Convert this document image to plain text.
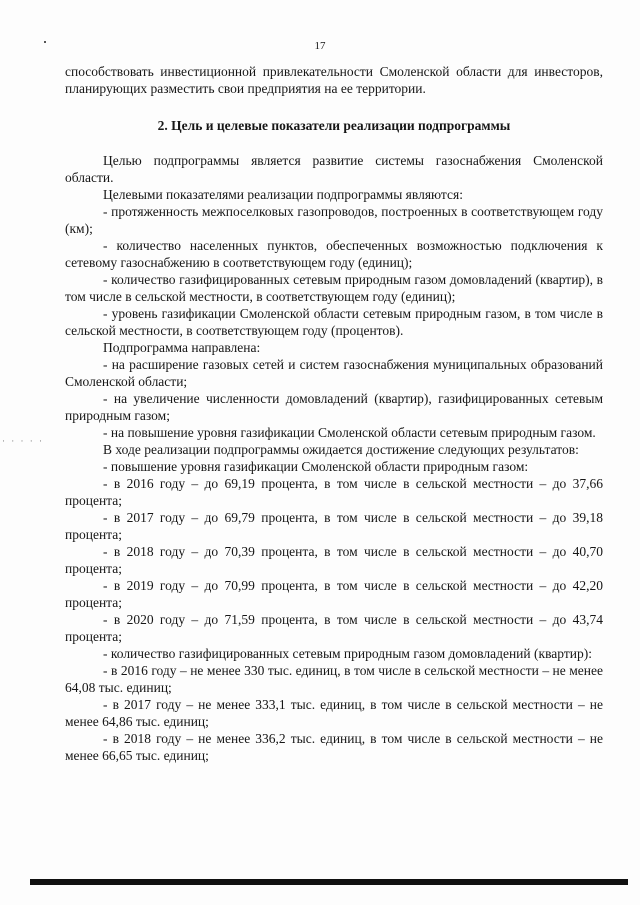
17

способствовать инвестиционной привлекательности Смоленской области для инвесторов, планирующих разместить свои предприятия на ее территории.

2. Цель и целевые показатели реализации подпрограммы

Целью подпрограммы является развитие системы газоснабжения Смоленской области.

Целевыми показателями реализации подпрограммы являются:

- протяженность межпоселковых газопроводов, построенных в соответствующем году (км);

- количество населенных пунктов, обеспеченных возможностью подключения к сетевому газоснабжению в соответствующем году (единиц);

- количество газифицированных сетевым природным газом домовладений (квартир), в том числе в сельской местности, в соответствующем году (единиц);

- уровень газификации Смоленской области сетевым природным газом, в том числе в сельской местности, в соответствующем году (процентов).

Подпрограмма направлена:

- на расширение газовых сетей и систем газоснабжения муниципальных образований Смоленской области;

- на увеличение численности домовладений (квартир), газифицированных сетевым природным газом;

- на повышение уровня газификации Смоленской области сетевым природным газом.

В ходе реализации подпрограммы ожидается достижение следующих результатов:

- повышение уровня газификации Смоленской области природным газом:

- в 2016 году – до 69,19 процента, в том числе в сельской местности – до 37,66 процента;

- в 2017 году – до 69,79 процента, в том числе в сельской местности – до 39,18 процента;

- в 2018 году – до 70,39 процента, в том числе в сельской местности – до 40,70 процента;

- в 2019 году – до 70,99 процента, в том числе в сельской местности – до 42,20 процента;

- в 2020 году – до 71,59 процента, в том числе в сельской местности – до 43,74 процента;

- количество газифицированных сетевым природным газом домовладений (квартир):

- в 2016 году – не менее 330 тыс. единиц, в том числе в сельской местности – не менее 64,08 тыс. единиц;

- в 2017 году – не менее 333,1 тыс. единиц, в том числе в сельской местности – не менее 64,86 тыс. единиц;

- в 2018 году – не менее 336,2 тыс. единиц, в том числе в сельской местности – не менее 66,65 тыс. единиц;

· · · · ·
